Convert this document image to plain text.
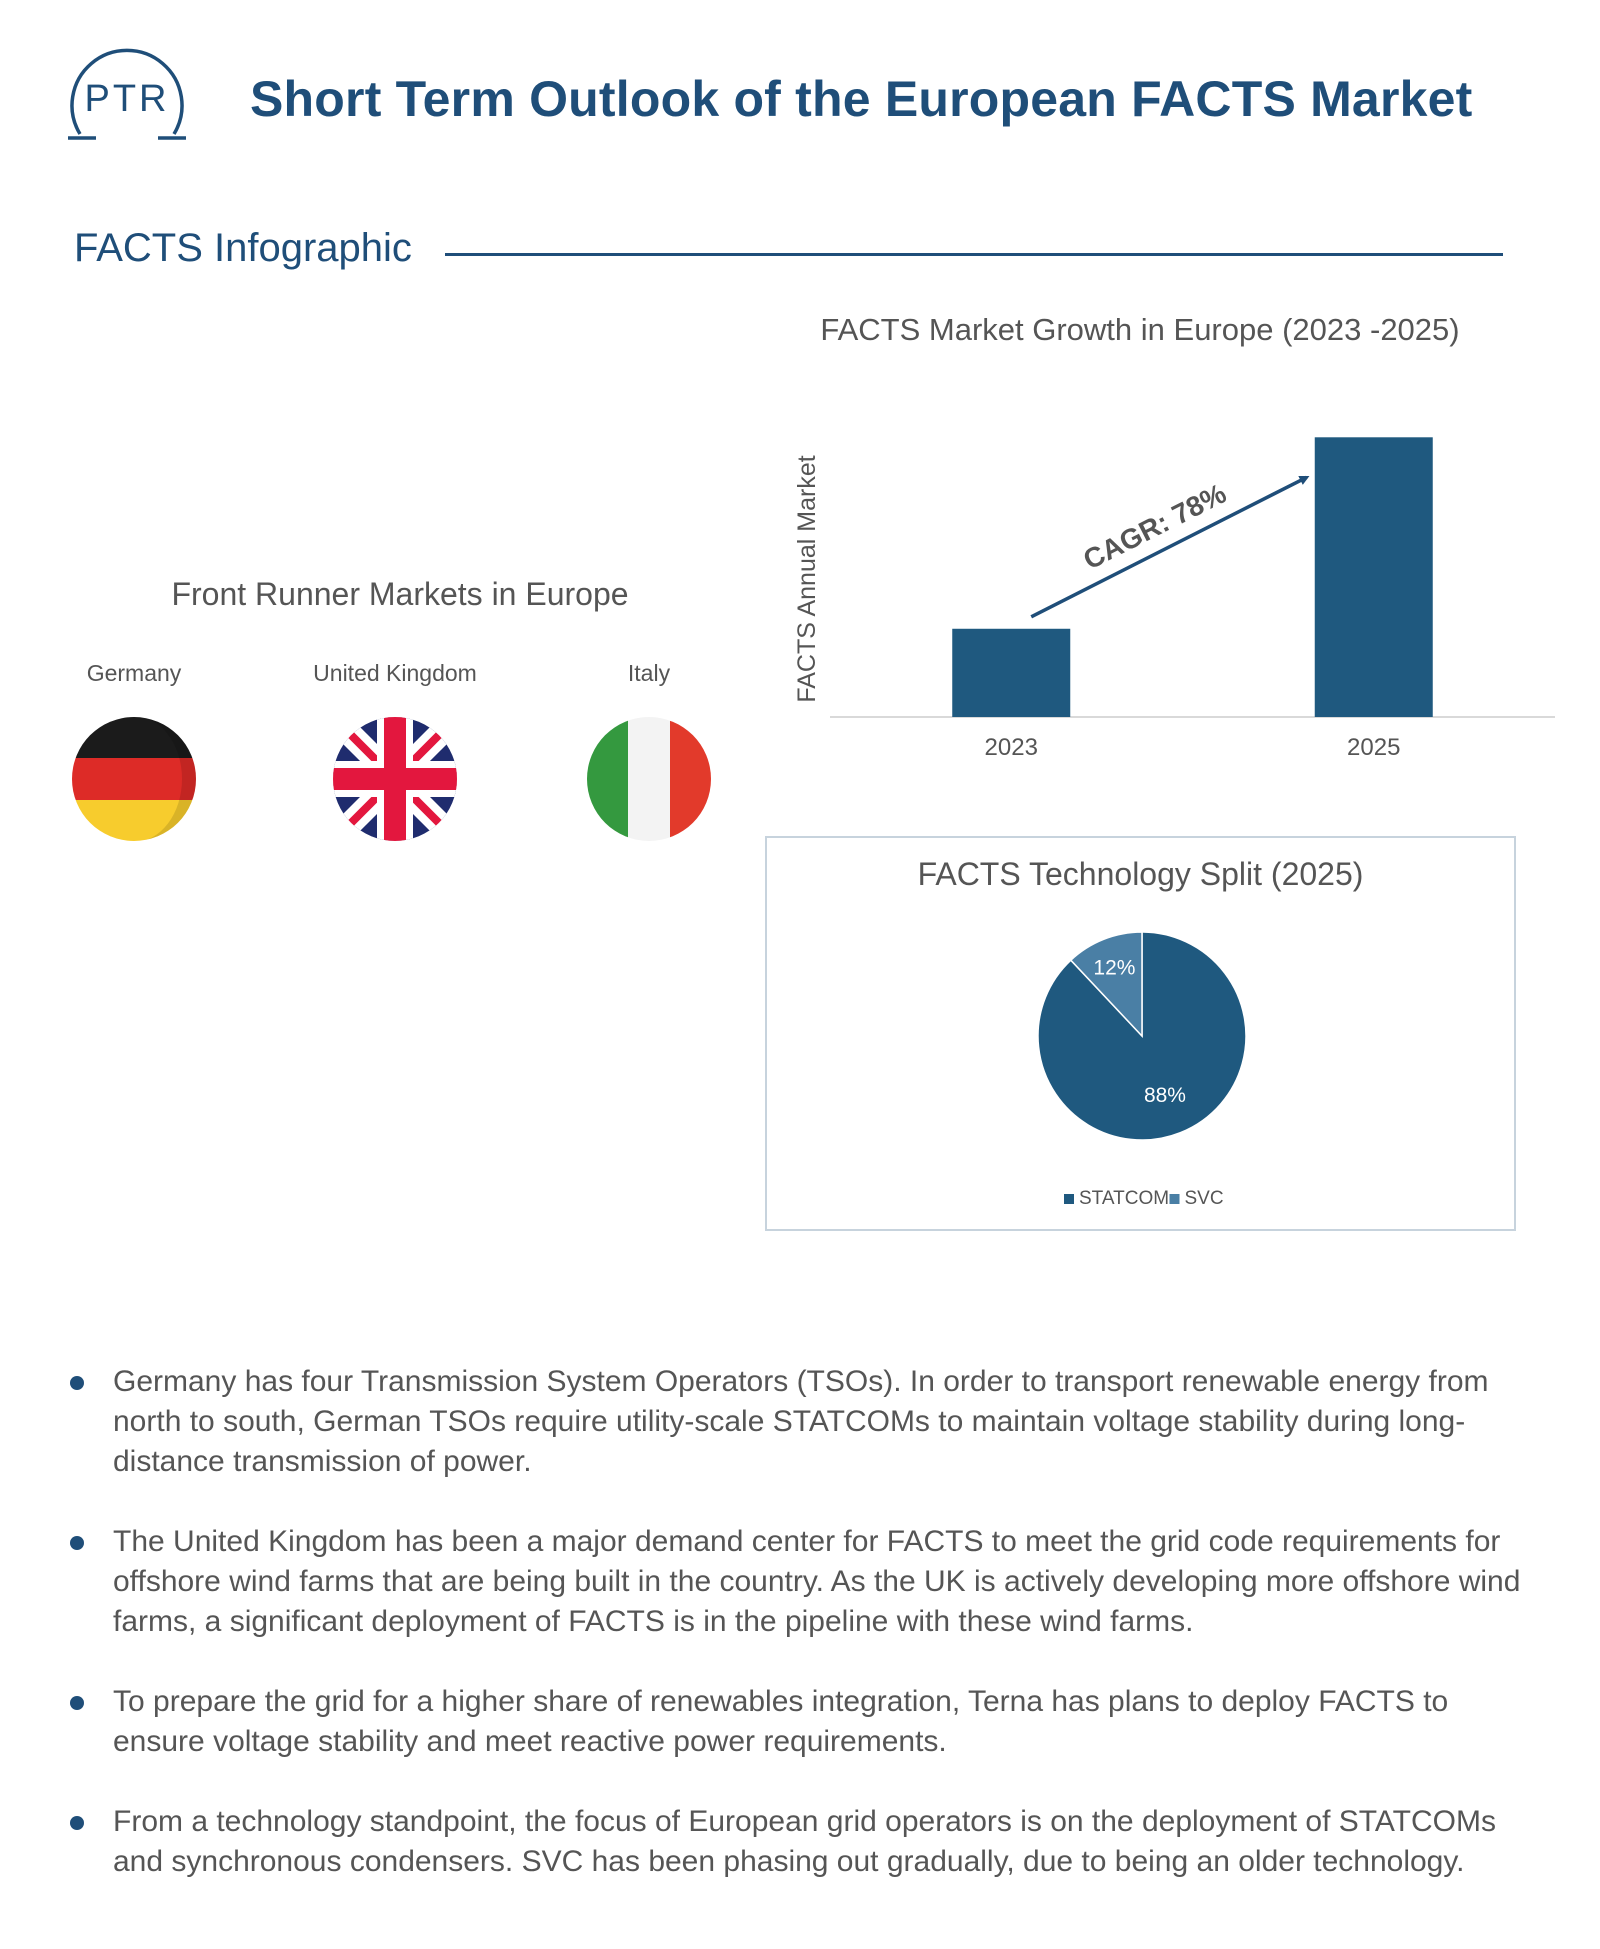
PTR Short Term Outlook of the European FACTS Market
FACTS Infographic
Front Runner Markets in Europe
Germany	United Kingdom	Italy
FACTS Market Growth in Europe (2023 -2025)
FACTS Annual Market
2023	2025
CAGR: 78%
FACTS Technology Split (2025)
88%
12%
STATCOM SVC
Germany has four Transmission System Operators (TSOs). In order to transport renewable energy from north to south, German TSOs require utility-scale STATCOMs to maintain voltage stability during long-distance transmission of power.
The United Kingdom has been a major demand center for FACTS to meet the grid code requirements for offshore wind farms that are being built in the country. As the UK is actively developing more offshore wind farms, a significant deployment of FACTS is in the pipeline with these wind farms.
To prepare the grid for a higher share of renewables integration, Terna has plans to deploy FACTS to ensure voltage stability and meet reactive power requirements.
From a technology standpoint, the focus of European grid operators is on the deployment of STATCOMs and synchronous condensers. SVC has been phasing out gradually, due to being an older technology.
